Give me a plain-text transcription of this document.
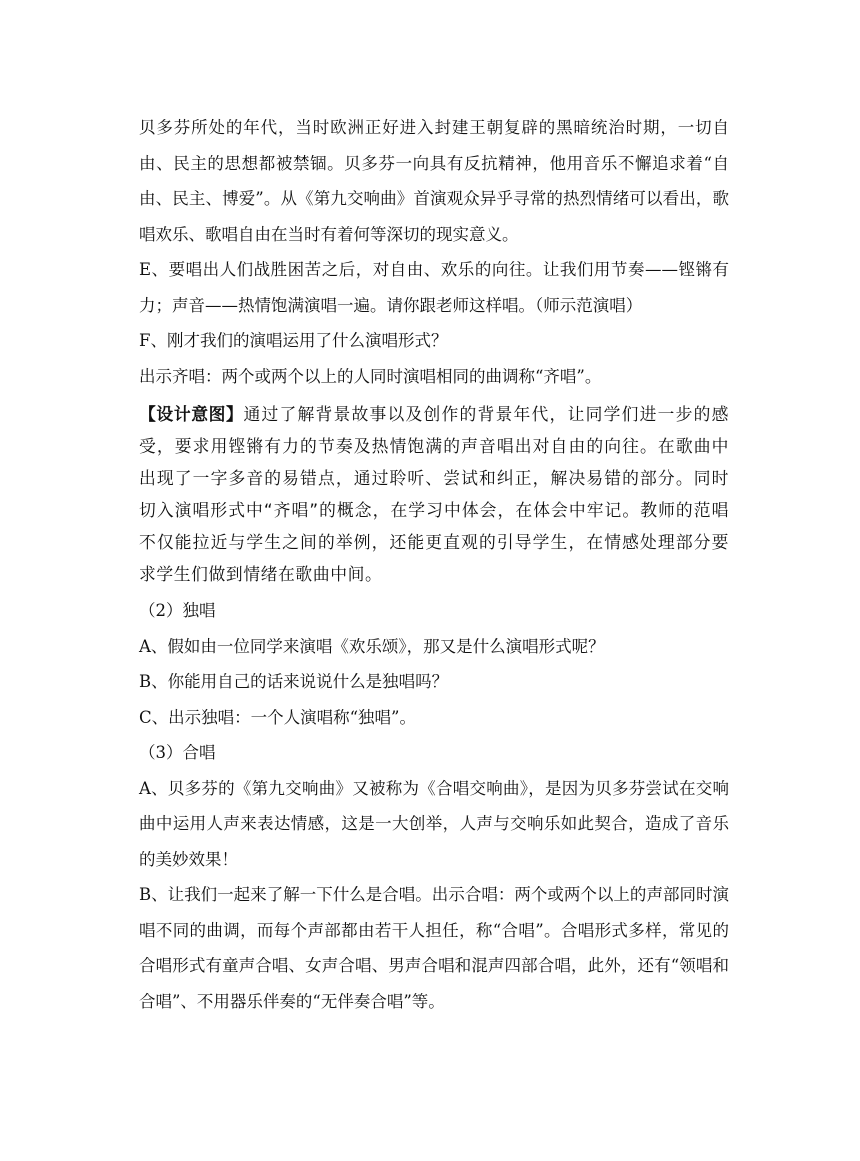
贝多芬所处的年代，当时欧洲正好进入封建王朝复辟的黑暗统治时期，一切自由、民主的思想都被禁锢。贝多芬一向具有反抗精神，他用音乐不懈追求着“自由、民主、博爱”。从《第九交响曲》首演观众异乎寻常的热烈情绪可以看出，歌唱欢乐、歌唱自由在当时有着何等深切的现实意义。

E、要唱出人们战胜困苦之后，对自由、欢乐的向往。让我们用节奏——铿锵有力；声音——热情饱满演唱一遍。请你跟老师这样唱。（师示范演唱）

F、刚才我们的演唱运用了什么演唱形式？

出示齐唱：两个或两个以上的人同时演唱相同的曲调称“齐唱”。

【设计意图】通过了解背景故事以及创作的背景年代，让同学们进一步的感受，要求用铿锵有力的节奏及热情饱满的声音唱出对自由的向往。在歌曲中出现了一字多音的易错点，通过聆听、尝试和纠正，解决易错的部分。同时切入演唱形式中“齐唱”的概念，在学习中体会，在体会中牢记。教师的范唱不仅能拉近与学生之间的举例，还能更直观的引导学生，在情感处理部分要求学生们做到情绪在歌曲中间。

（2）独唱

A、假如由一位同学来演唱《欢乐颂》，那又是什么演唱形式呢？

B、你能用自己的话来说说什么是独唱吗？

C、出示独唱：一个人演唱称“独唱”。

（3）合唱

A、贝多芬的《第九交响曲》又被称为《合唱交响曲》，是因为贝多芬尝试在交响曲中运用人声来表达情感，这是一大创举，人声与交响乐如此契合，造成了音乐的美妙效果！

B、让我们一起来了解一下什么是合唱。出示合唱：两个或两个以上的声部同时演唱不同的曲调，而每个声部都由若干人担任，称“合唱”。合唱形式多样，常见的合唱形式有童声合唱、女声合唱、男声合唱和混声四部合唱，此外，还有“领唱和合唱”、不用器乐伴奏的“无伴奏合唱”等。
